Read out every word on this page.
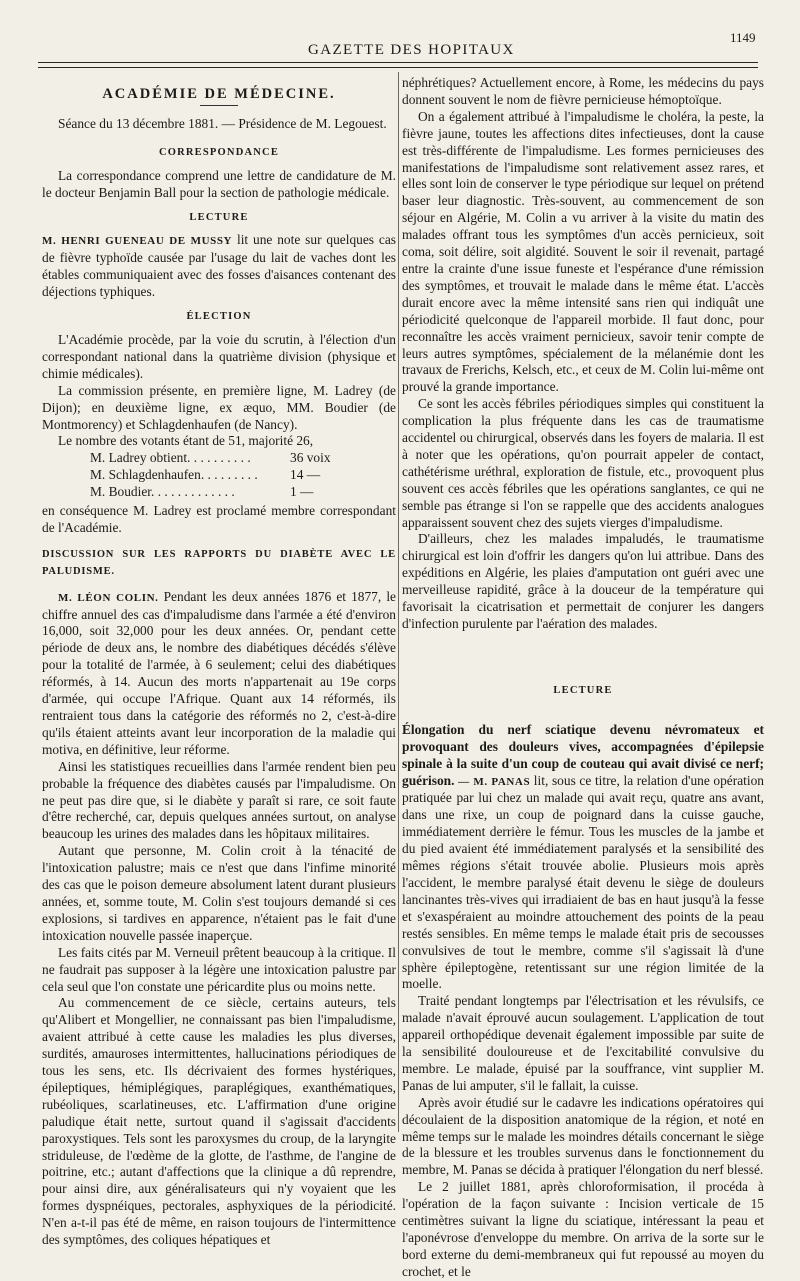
GAZETTE DES HOPITAUX
1149
ACADÉMIE DE MÉDECINE.

Séance du 13 décembre 1881. — Présidence de M. Legouest.

CORRESPONDANCE

La correspondance comprend une lettre de candidature de M. le docteur Benjamin Ball pour la section de pathologie médicale.

LECTURE

M. HENRI GUENEAU DE MUSSY lit une note sur quelques cas de fièvre typhoïde causée par l'usage du lait de vaches dont les étables communiquaient avec des fosses d'aisances contenant des déjections typhiques.

ÉLECTION

L'Académie procède, par la voie du scrutin, à l'élection d'un correspondant national dans la quatrième division (physique et chimie médicales).

La commission présente, en première ligne, M. Ladrey (de Dijon); en deuxième ligne, ex æquo, MM. Boudier (de Montmorency) et Schlagdenhaufen (de Nancy).

Le nombre des votants étant de 51, majorité 26,

M. Ladrey obtient. . . . . . . . . .	36 voix
M. Schlagdenhaufen. . . . . . . . .	14 —
M. Boudier. . . . . . . . . . . . .	1 —

en conséquence M. Ladrey est proclamé membre correspondant de l'Académie.

DISCUSSION SUR LES RAPPORTS DU DIABÈTE AVEC LE PALUDISME.

M. LÉON COLIN. Pendant les deux années 1876 et 1877, le chiffre annuel des cas d'impaludisme dans l'armée a été d'environ 16,000, soit 32,000 pour les deux années. Or, pendant cette période de deux ans, le nombre des diabétiques décédés s'élève pour la totalité de l'armée, à 6 seulement; celui des diabétiques réformés, à 14. Aucun des morts n'appartenait au 19e corps d'armée, qui occupe l'Afrique. Quant aux 14 réformés, ils rentraient tous dans la catégorie des réformés no 2, c'est-à-dire qu'ils étaient atteints avant leur incorporation de la maladie qui motiva, en définitive, leur réforme.

Ainsi les statistiques recueillies dans l'armée rendent bien peu probable la fréquence des diabètes causés par l'impaludisme. On ne peut pas dire que, si le diabète y paraît si rare, ce soit faute d'être recherché, car, depuis quelques années surtout, on analyse beaucoup les urines des malades dans les hôpitaux militaires.

Autant que personne, M. Colin croit à la ténacité de l'intoxication palustre; mais ce n'est que dans l'infime minorité des cas que le poison demeure absolument latent durant plusieurs années, et, somme toute, M. Colin s'est toujours demandé si ces explosions, si tardives en apparence, n'étaient pas le fait d'une intoxication nouvelle passée inaperçue.

Les faits cités par M. Verneuil prêtent beaucoup à la critique. Il ne faudrait pas supposer à la légère une intoxication palustre par cela seul que l'on constate une péricardite plus ou moins nette.

Au commencement de ce siècle, certains auteurs, tels qu'Alibert et Mongellier, ne connaissant pas bien l'impaludisme, avaient attribué à cette cause les maladies les plus diverses, surdités, amauroses intermittentes, hallucinations périodiques de tous les sens, etc. Ils décrivaient des formes hystériques, épileptiques, hémiplégiques, paraplégiques, exanthématiques, rubéoliques, scarlatineuses, etc. L'affirmation d'une origine paludique était nette, surtout quand il s'agissait d'accidents paroxystiques. Tels sont les paroxysmes du croup, de la laryngite striduleuse, de l'œdème de la glotte, de l'asthme, de l'angine de poitrine, etc.; autant d'affections que la clinique a dû reprendre, pour ainsi dire, aux généralisateurs qui n'y voyaient que les formes dyspnéiques, pectorales, asphyxiques de la périodicité. N'en a-t-il pas été de même, en raison toujours de l'intermittence des symptômes, des coliques hépatiques et

néphrétiques? Actuellement encore, à Rome, les médecins du pays donnent souvent le nom de fièvre pernicieuse hémoptoïque.

On a également attribué à l'impaludisme le choléra, la peste, la fièvre jaune, toutes les affections dites infectieuses, dont la cause est très-différente de l'impaludisme. Les formes pernicieuses des manifestations de l'impaludisme sont relativement assez rares, et elles sont loin de conserver le type périodique sur lequel on prétend baser leur diagnostic. Très-souvent, au commencement de son séjour en Algérie, M. Colin a vu arriver à la visite du matin des malades offrant tous les symptômes d'un accès pernicieux, soit coma, soit délire, soit algidité. Souvent le soir il revenait, partagé entre la crainte d'une issue funeste et l'espérance d'une rémission des symptômes, et trouvait le malade dans le même état. L'accès durait encore avec la même intensité sans rien qui indiquât une périodicité quelconque de l'appareil morbide. Il faut donc, pour reconnaître les accès vraiment pernicieux, savoir tenir compte de leurs autres symptômes, spécialement de la mélanémie dont les travaux de Frerichs, Kelsch, etc., et ceux de M. Colin lui-même ont prouvé la grande importance.

Ce sont les accès fébriles périodiques simples qui constituent la complication la plus fréquente dans les cas de traumatisme accidentel ou chirurgical, observés dans les foyers de malaria. Il est à noter que les opérations, qu'on pourrait appeler de contact, cathétérisme uréthral, exploration de fistule, etc., provoquent plus souvent ces accès fébriles que les opérations sanglantes, ce qui ne semble pas étrange si l'on se rappelle que des accidents analogues apparaissent souvent chez des sujets vierges d'impaludisme.

D'ailleurs, chez les malades impaludés, le traumatisme chirurgical est loin d'offrir les dangers qu'on lui attribue. Dans des expéditions en Algérie, les plaies d'amputation ont guéri avec une merveilleuse rapidité, grâce à la douceur de la température qui favorisait la cicatrisation et permettait de conjurer les dangers d'infection purulente par l'aération des malades.

LECTURE

Élongation du nerf sciatique devenu névromateux et provoquant des douleurs vives, accompagnées d'épilepsie spinale à la suite d'un coup de couteau qui avait divisé ce nerf; guérison. — M. PANAS lit, sous ce titre, la relation d'une opération pratiquée par lui chez un malade qui avait reçu, quatre ans avant, dans une rixe, un coup de poignard dans la cuisse gauche, immédiatement derrière le fémur. Tous les muscles de la jambe et du pied avaient été immédiatement paralysés et la sensibilité des mêmes régions s'était trouvée abolie. Plusieurs mois après l'accident, le membre paralysé était devenu le siège de douleurs lancinantes très-vives qui irradiaient de bas en haut jusqu'à la fesse et s'exaspéraient au moindre attouchement des points de la peau restés sensibles. En même temps le malade était pris de secousses convulsives de tout le membre, comme s'il s'agissait là d'une sphère épileptogène, retentissant sur une région limitée de la moelle.

Traité pendant longtemps par l'électrisation et les révulsifs, ce malade n'avait éprouvé aucun soulagement. L'application de tout appareil orthopédique devenait également impossible par suite de la sensibilité douloureuse et de l'excitabilité convulsive du membre. Le malade, épuisé par la souffrance, vint supplier M. Panas de lui amputer, s'il le fallait, la cuisse.

Après avoir étudié sur le cadavre les indications opératoires qui découlaient de la disposition anatomique de la région, et noté en même temps sur le malade les moindres détails concernant le siège de la blessure et les troubles survenus dans le fonctionnement du membre, M. Panas se décida à pratiquer l'élongation du nerf blessé.

Le 2 juillet 1881, après chloroformisation, il procéda à l'opération de la façon suivante : Incision verticale de 15 centimètres suivant la ligne du sciatique, intéressant la peau et l'aponévrose d'enveloppe du membre. On arriva de la sorte sur le bord externe du demi-membraneux qui fut repoussé au moyen du crochet, et le
